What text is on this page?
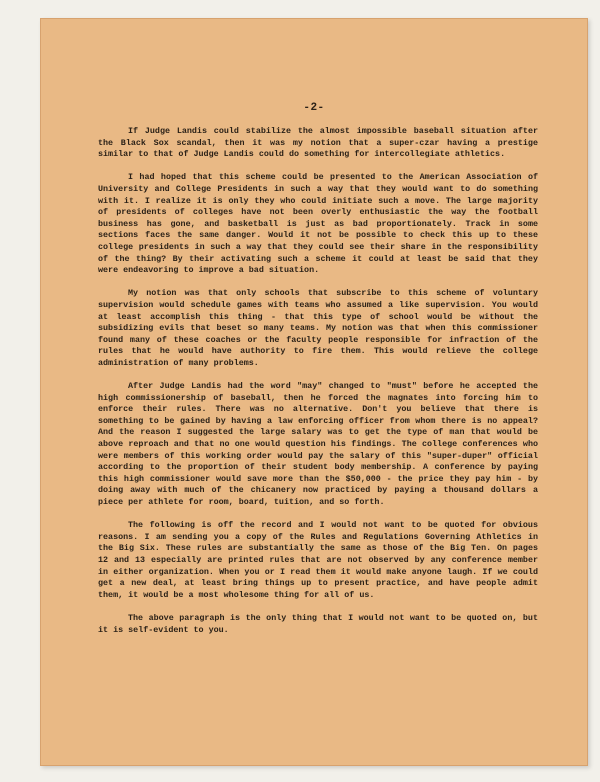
-2-

If Judge Landis could stabilize the almost impossible baseball situation after the Black Sox scandal, then it was my notion that a super-czar having a prestige similar to that of Judge Landis could do something for intercollegiate athletics.

I had hoped that this scheme could be presented to the American Association of University and College Presidents in such a way that they would want to do something with it. I realize it is only they who could initiate such a move. The large majority of presidents of colleges have not been overly enthusiastic the way the football business has gone, and basketball is just as bad proportionately. Track in some sections faces the same danger. Would it not be possible to check this up to these college presidents in such a way that they could see their share in the responsibility of the thing? By their activating such a scheme it could at least be said that they were endeavoring to improve a bad situation.

My notion was that only schools that subscribe to this scheme of voluntary supervision would schedule games with teams who assumed a like supervision. You would at least accomplish this thing - that this type of school would be without the subsidizing evils that beset so many teams. My notion was that when this commissioner found many of these coaches or the faculty people responsible for infraction of the rules that he would have authority to fire them. This would relieve the college administration of many problems.

After Judge Landis had the word "may" changed to "must" before he accepted the high commissionership of baseball, then he forced the magnates into forcing him to enforce their rules. There was no alternative. Don't you believe that there is something to be gained by having a law enforcing officer from whom there is no appeal? And the reason I suggested the large salary was to get the type of man that would be above reproach and that no one would question his findings. The college conferences who were members of this working order would pay the salary of this "super-duper" official according to the proportion of their student body membership. A conference by paying this high commissioner would save more than the $50,000 - the price they pay him - by doing away with much of the chicanery now practiced by paying a thousand dollars a piece per athlete for room, board, tuition, and so forth.

The following is off the record and I would not want to be quoted for obvious reasons. I am sending you a copy of the Rules and Regulations Governing Athletics in the Big Six. These rules are substantially the same as those of the Big Ten. On pages 12 and 13 especially are printed rules that are not observed by any conference member in either organization. When you or I read them it would make anyone laugh. If we could get a new deal, at least bring things up to present practice, and have people admit them, it would be a most wholesome thing for all of us.

The above paragraph is the only thing that I would not want to be quoted on, but it is self-evident to you.
